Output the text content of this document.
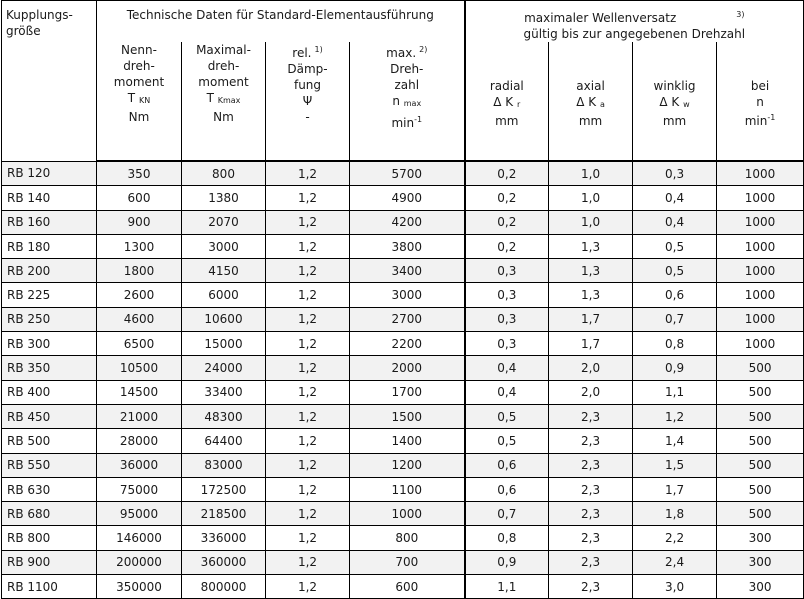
Kupplungs-
größe	Technische Daten für Standard-Elementausführung				maximaler Wellenversatz $^{3)}$
gültig bis zur angegebenen Drehzahl			

	Nenn-
dreh-
moment
T $_{KN}$
Nm	Maximal-
dreh-
moment
T $_{Kmax}$
Nm	rel. $^{1)}$
Dämp-
fung
Ψ
-	max. $^{2)}$
Dreh-
zahl
n $_{max}$
$\min^{-1}$	radial
Δ K $_r$
mm	axial
Δ K $_a$
mm	winklig
Δ K $_w$
mm	bei
n
$\min^{-1}$

RB 120	350	800	1,2	5700	0,2	1,0	0,3	1000
RB 140	600	1380	1,2	4900	0,2	1,0	0,4	1000
RB 160	900	2070	1,2	4200	0,2	1,0	0,4	1000
RB 180	1300	3000	1,2	3800	0,2	1,3	0,5	1000
RB 200	1800	4150	1,2	3400	0,3	1,3	0,5	1000
RB 225	2600	6000	1,2	3000	0,3	1,3	0,6	1000
RB 250	4600	10600	1,2	2700	0,3	1,7	0,7	1000
RB 300	6500	15000	1,2	2200	0,3	1,7	0,8	1000
RB 350	10500	24000	1,2	2000	0,4	2,0	0,9	500
RB 400	14500	33400	1,2	1700	0,4	2,0	1,1	500
RB 450	21000	48300	1,2	1500	0,5	2,3	1,2	500
RB 500	28000	64400	1,2	1400	0,5	2,3	1,4	500
RB 550	36000	83000	1,2	1200	0,6	2,3	1,5	500
RB 630	75000	172500	1,2	1100	0,6	2,3	1,7	500
RB 680	95000	218500	1,2	1000	0,7	2,3	1,8	500
RB 800	146000	336000	1,2	800	0,8	2,3	2,2	300
RB 900	200000	360000	1,2	700	0,9	2,3	2,4	300
RB 1100	350000	800000	1,2	600	1,1	2,3	3,0	300
